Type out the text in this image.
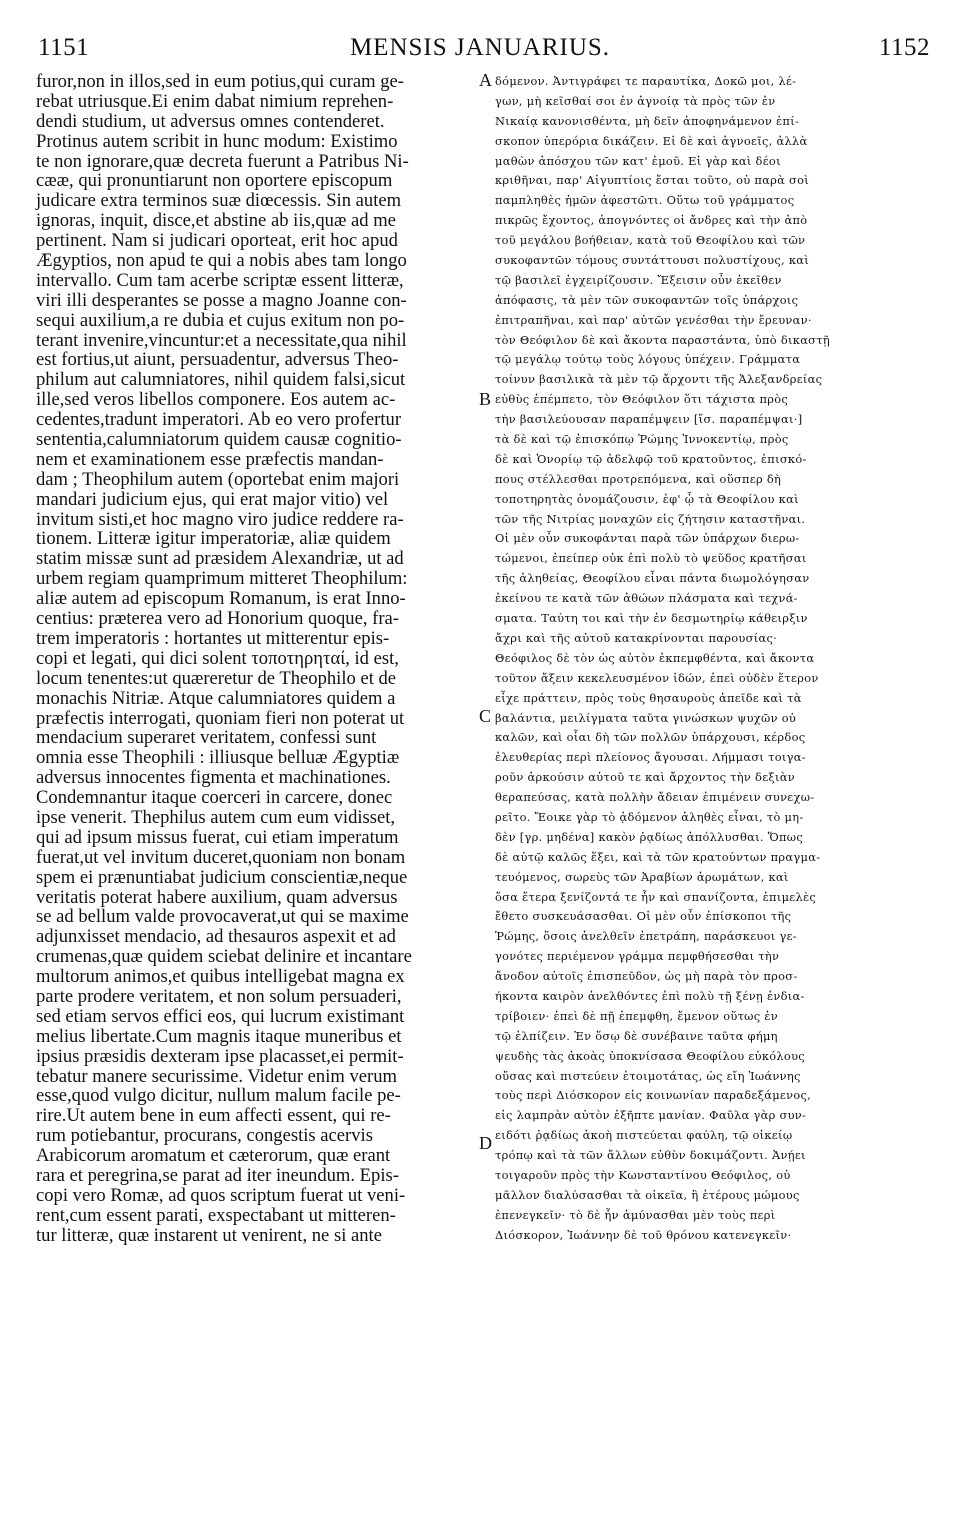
1151	MENSIS JANUARIUS.	1152
furor,non in illos,sed in eum potius,qui curam ge-
rebat utriusque.Ei enim dabat nimium reprehen-
dendi studium, ut adversus omnes contenderet.
Protinus autem scribit in hunc modum: Existimo
te non ignorare,quæ decreta fuerunt a Patribus Ni-
cææ, qui pronuntiarunt non oportere episcopum
judicare extra terminos suæ diœcessis. Sin autem
ignoras, inquit, disce,et abstine ab iis,quæ ad me
pertinent. Nam si judicari oporteat, erit hoc apud
Ægyptios, non apud te qui a nobis abes tam longo
intervallo. Cum tam acerbe scriptæ essent litteræ,
viri illi desperantes se posse a magno Joanne con-
sequi auxilium,a re dubia et cujus exitum non po-
terant invenire,vincuntur:et a necessitate,qua nihil
est fortius,ut aiunt, persuadentur, adversus Theo-
philum aut calumniatores, nihil quidem falsi,sicut
ille,sed veros libellos componere. Eos autem ac-
cedentes,tradunt imperatori. Ab eo vero profertur
sententia,calumniatorum quidem causæ cognitio-
nem et examinationem esse præfectis mandan-
dam ; Theophilum autem (oportebat enim majori
mandari judicium ejus, qui erat major vitio) vel
invitum sisti,et hoc magno viro judice reddere ra-
tionem. Litteræ igitur imperatoriæ, aliæ quidem
statim missæ sunt ad præsidem Alexandriæ, ut ad
urbem regiam quamprimum mitteret Theophilum:
aliæ autem ad episcopum Romanum, is erat Inno-
centius: præterea vero ad Honorium quoque, fra-
trem imperatoris : hortantes ut mitterentur epis-
copi et legati, qui dici solent τοποτηρηταί, id est,
locum tenentes:ut quæreretur de Theophilo et de
monachis Nitriæ. Atque calumniatores quidem a
præfectis interrogati, quoniam fieri non poterat ut
mendacium superaret veritatem, confessi sunt
omnia esse Theophili : illiusque belluæ Ægyptiæ
adversus innocentes figmenta et machinationes.
Condemnantur itaque coerceri in carcere, donec
ipse venerit. Thephilus autem cum eum vidisset,
qui ad ipsum missus fuerat, cui etiam imperatum
fuerat,ut vel invitum duceret,quoniam non bonam
spem ei prænuntiabat judicium conscientiæ,neque
veritatis poterat habere auxilium, quam adversus
se ad bellum valde provocaverat,ut qui se maxime
adjunxisset mendacio, ad thesauros aspexit et ad
crumenas,quæ quidem sciebat delinire et incantare
multorum animos,et quibus intelligebat magna ex
parte prodere veritatem, et non solum persuaderi,
sed etiam servos effici eos, qui lucrum existimant
melius libertate.Cum magnis itaque muneribus et
ipsius præsidis dexteram ipse placasset,ei permit-
tebatur manere securissime. Videtur enim verum
esse,quod vulgo dicitur, nullum malum facile pe-
rire.Ut autem bene in eum affecti essent, qui re-
rum potiebantur, procurans, congestis acervis
Arabicorum aromatum et cæterorum, quæ erant
rara et peregrina,se parat ad iter ineundum. Epis-
copi vero Romæ, ad quos scriptum fuerat ut veni-
rent,cum essent parati, exspectabant ut mitteren-
tur litteræ, quæ instarent ut venirent, ne si ante
δόμενον. Ἀντιγράφει τε παραυτίκα, Δοκῶ μοι, λέ-
γων, μὴ κεῖσθαί σοι ἐν ἀγνοίᾳ τὰ πρὸς τῶν ἐν
Νικαίᾳ κανονισθέντα, μὴ δεῖν ἀποφηνάμενον ἐπί-
σκοπον ὑπερόρια δικάζειν. Εἰ δὲ καὶ ἀγνοεῖς, ἀλλὰ
μαθὼν ἀπόσχου τῶν κατ' ἐμοῦ. Εἰ γὰρ καὶ δέοι
κριθῆναι, παρ' Αἰγυπτίοις ἔσται τοῦτο, οὐ παρὰ σοὶ
παμπληθὲς ἡμῶν ἀφεστῶτι. Οὕτω τοῦ γράμματος
πικρῶς ἔχοντος, ἀπογνόντες οἱ ἄνδρες καὶ τὴν ἀπὸ
τοῦ μεγάλου βοήθειαν, κατὰ τοῦ Θεοφίλου καὶ τῶν
συκοφαντῶν τόμους συντάττουσι πολυστίχους, καὶ
τῷ βασιλεῖ ἐγχειρίζουσιν. Ἔξεισιν οὖν ἐκεῖθεν
ἀπόφασις, τὰ μὲν τῶν συκοφαντῶν τοῖς ὑπάρχοις
ἐπιτραπῆναι, καὶ παρ' αὐτῶν γενέσθαι τὴν ἔρευναν·
τὸν Θεόφιλον δὲ καὶ ἄκοντα παραστάντα, ὑπὸ δικαστῇ
τῷ μεγάλῳ τούτῳ τοὺς λόγους ὑπέχειν. Γράμματα
τοίνυν βασιλικὰ τὰ μὲν τῷ ἄρχοντι τῆς Ἀλεξανδρείας
εὐθὺς ἐπέμπετο, τὸν Θεόφιλον ὅτι τάχιστα πρὸς
τὴν βασιλεύουσαν παραπέμψειν [ἴσ. παραπέμψαι·]
τὰ δὲ καὶ τῷ ἐπισκόπῳ Ῥώμης Ἰννοκεντίῳ, πρὸς
δὲ καὶ Ὁνορίῳ τῷ ἀδελφῷ τοῦ κρατοῦντος, ἐπισκό-
πους στέλλεσθαι προτρεπόμενα, καὶ οὕσπερ δὴ
τοποτηρητὰς ὀνομάζουσιν, ἐφ' ᾧ τὰ Θεοφίλου καὶ
τῶν τῆς Νιτρίας μοναχῶν εἰς ζήτησιν καταστῆναι.
Οἱ μὲν οὖν συκοφάνται παρὰ τῶν ὑπάρχων διερω-
τώμενοι, ἐπείπερ οὐκ ἐπὶ πολὺ τὸ ψεῦδος κρατῆσαι
τῆς ἀληθείας, Θεοφίλου εἶναι πάντα διωμολόγησαν
ἐκείνου τε κατὰ τῶν ἀθώων πλάσματα καὶ τεχνά-
σματα. Ταύτη τοι καὶ τὴν ἐν δεσμωτηρίῳ κάθειρξιν
ἄχρι καὶ τῆς αὐτοῦ κατακρίνονται παρουσίας·
Θεόφιλος δὲ τὸν ὡς αὐτὸν ἐκπεμφθέντα, καὶ ἄκοντα
τοῦτον ἄξειν κεκελευσμένον ἰδών, ἐπεὶ οὐδὲν ἕτερον
εἶχε πράττειν, πρὸς τοὺς θησαυροὺς ἀπεῖδε καὶ τὰ
βαλάντια, μειλίγματα ταῦτα γινώσκων ψυχῶν οὐ
καλῶν, καὶ οἷαι δὴ τῶν πολλῶν ὑπάρχουσι, κέρδος
ἐλευθερίας περὶ πλείονος ἄγουσαι. Λήμμασι τοιγα-
ροῦν ἀρκούσιν αὐτοῦ τε καὶ ἄρχοντος τὴν δεξιὰν
θεραπεύσας, κατὰ πολλὴν ἄδειαν ἐπιμένειν συνεχω-
ρεῖτο. Ἔοικε γὰρ τὸ ᾀδόμενον ἀληθὲς εἶναι, τὸ μη-
δὲν [γρ. μηδένα] κακὸν ῥᾳδίως ἀπόλλυσθαι. Ὅπως
δὲ αὐτῷ καλῶς ἕξει, καὶ τὰ τῶν κρατούντων πραγμα-
τευόμενος, σωρεὺς τῶν Ἀραβίων ἀρωμάτων, καὶ
ὅσα ἕτερα ξενίζοντά τε ἦν καὶ σπανίζοντα, ἐπιμελὲς
ἔθετο συσκευάσασθαι. Οἱ μὲν οὖν ἐπίσκοποι τῆς
Ῥώμης, ὅσοις ἀνελθεῖν ἐπετράπη, παράσκευοι γε-
γονότες περιέμενον γράμμα πεμφθήσεσθαι τὴν
ἄνοδον αὐτοῖς ἐπισπεῦδον, ὡς μὴ παρὰ τὸν προσ-
ήκοντα καιρὸν ἀνελθόντες ἐπὶ πολὺ τῇ ξένῃ ἐνδια-
τρίβοιεν· ἐπεὶ δὲ πῇ ἐπεμφθη, ἔμενον οὕτως ἐν
τῷ ἐλπίζειν. Ἐν ὅσῳ δὲ συνέβαινε ταῦτα φήμη
ψευδὴς τὰς ἀκοὰς ὑποκνίσασα Θεοφίλου εὐκόλους
οὔσας καὶ πιστεύειν ἑτοιμοτάτας, ὡς εἴη Ἰωάννης
τοὺς περὶ Διόσκορον εἰς κοινωνίαν παραδεξάμενος,
εἰς λαμπρὰν αὐτὸν ἐξῆπτε μανίαν. Φαῦλα γὰρ συν-
ειδότι ῥᾳδίως ἀκοὴ πιστεύεται φαύλη, τῷ οἰκείῳ
τρόπῳ καὶ τὰ τῶν ἄλλων εὐθὺν δοκιμάζοντι. Ἀνῄει
τοιγαροῦν πρὸς τὴν Κωνσταντίνου Θεόφιλος, οὐ
μᾶλλον διαλύσασθαι τὰ οἰκεῖα, ἢ ἑτέρους μώμους
ἐπενεγκεῖν· τὸ δὲ ἦν ἀμύνασθαι μὲν τοὺς περὶ
Διόσκορον, Ἰωάννην δὲ τοῦ θρόνου κατενεγκεῖν·
A
B
C
D
